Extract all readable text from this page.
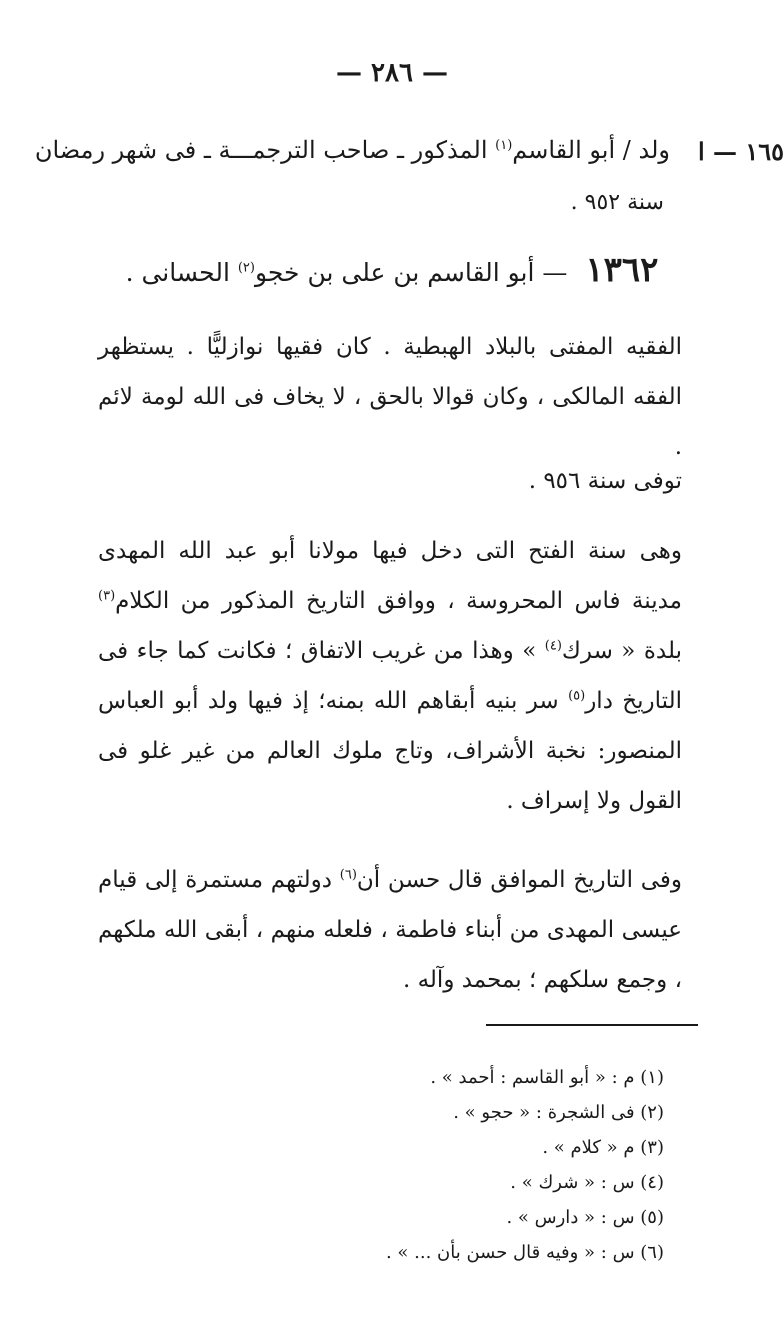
— ٢٨٦ —
١٦٥ — ا
ولد / أبو القاسم$^{(١)}$ المذكور ـ صاحب الترجمـــة ـ فى شهر رمضان
سنة ٩٥٢ .
١٣٦٢ — أبو القاسم بن على بن خجو$^{(٢)}$ الحسانى .
الفقيه المفتى بالبلاد الهبطية . كان فقيها نوازليًّا . يستظهر الفقه المالكى ، وكان قوالا بالحق ، لا يخاف فى الله لومة لائم .
توفى سنة ٩٥٦ .
وهى سنة الفتح التى دخل فيها مولانا أبو عبد الله المهدى مدينة فاس المحروسة ، ووافق التاريخ المذكور من الكلام$^{(٣)}$ بلدة « سرك$^{(٤)}$ » وهذا من غريب الاتفاق ؛ فكانت كما جاء فى التاريخ دار$^{(٥)}$ سر بنيه أبقاهم الله بمنه؛ إذ فيها ولد أبو العباس المنصور: نخبة الأشراف، وتاج ملوك العالم من غير غلو فى القول ولا إسراف .
وفى التاريخ الموافق قال حسن أن$^{(٦)}$ دولتهم مستمرة إلى قيام عيسى المهدى من أبناء فاطمة ، فلعله منهم ، أبقى الله ملكهم ، وجمع سلكهم ؛ بمحمد وآله .
(١) م : « أبو القاسم : أحمد » .
(٢) فى الشجرة : « حجو » .
(٣) م « كلام » .
(٤) س : « شرك » .
(٥) س : « دارس » .
(٦) س : « وفيه قال حسن بأن ... » .
